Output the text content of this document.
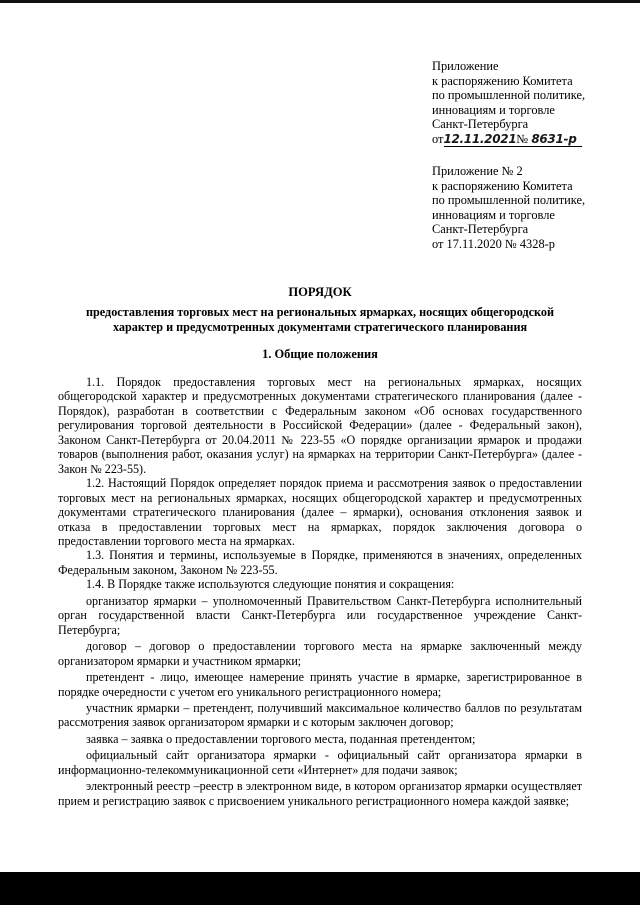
Приложение
к распоряжению Комитета
по промышленной политике,
инновациям и торговле
Санкт-Петербурга
от12.11.2021№ 8631-р
Приложение № 2
к распоряжению Комитета
по промышленной политике,
инновациям и торговле
Санкт-Петербурга
от 17.11.2020 № 4328-р
ПОРЯДОК
предоставления торговых мест на региональных ярмарках, носящих общегородской характер и предусмотренных документами стратегического планирования
1. Общие положения

1.1. Порядок предоставления торговых мест на региональных ярмарках, носящих общегородской характер и предусмотренных документами стратегического планирования (далее - Порядок), разработан в соответствии с Федеральным законом «Об основах государственного регулирования торговой деятельности в Российской Федерации» (далее - Федеральный закон), Законом Санкт-Петербурга от 20.04.2011 № 223-55 «О порядке организации ярмарок и продажи товаров (выполнения работ, оказания услуг) на ярмарках на территории Санкт-Петербурга» (далее - Закон № 223-55).

1.2. Настоящий Порядок определяет порядок приема и рассмотрения заявок о предоставлении торговых мест на региональных ярмарках, носящих общегородской характер и предусмотренных документами стратегического планирования (далее – ярмарки), основания отклонения заявок и отказа в предоставлении торговых мест на ярмарках, порядок заключения договора о предоставлении торгового места на ярмарках.

1.3. Понятия и термины, используемые в Порядке, применяются в значениях, определенных Федеральным законом, Законом № 223-55.

1.4. В Порядке также используются следующие понятия и сокращения:

организатор ярмарки – уполномоченный Правительством Санкт-Петербурга исполнительный орган государственной власти Санкт-Петербурга или государственное учреждение Санкт-Петербурга;

договор – договор о предоставлении торгового места на ярмарке заключенный между организатором ярмарки и участником ярмарки;

претендент - лицо, имеющее намерение принять участие в ярмарке, зарегистрированное в порядке очередности с учетом его уникального регистрационного номера;

участник ярмарки – претендент, получивший максимальное количество баллов по результатам рассмотрения заявок организатором ярмарки и с которым заключен договор;

заявка – заявка о предоставлении торгового места, поданная претендентом;

официальный сайт организатора ярмарки - официальный сайт организатора ярмарки в информационно-телекоммуникационной сети «Интернет» для подачи заявок;

электронный реестр –реестр в электронном виде, в котором организатор ярмарки осуществляет прием и регистрацию заявок с присвоением уникального регистрационного номера каждой заявке;
